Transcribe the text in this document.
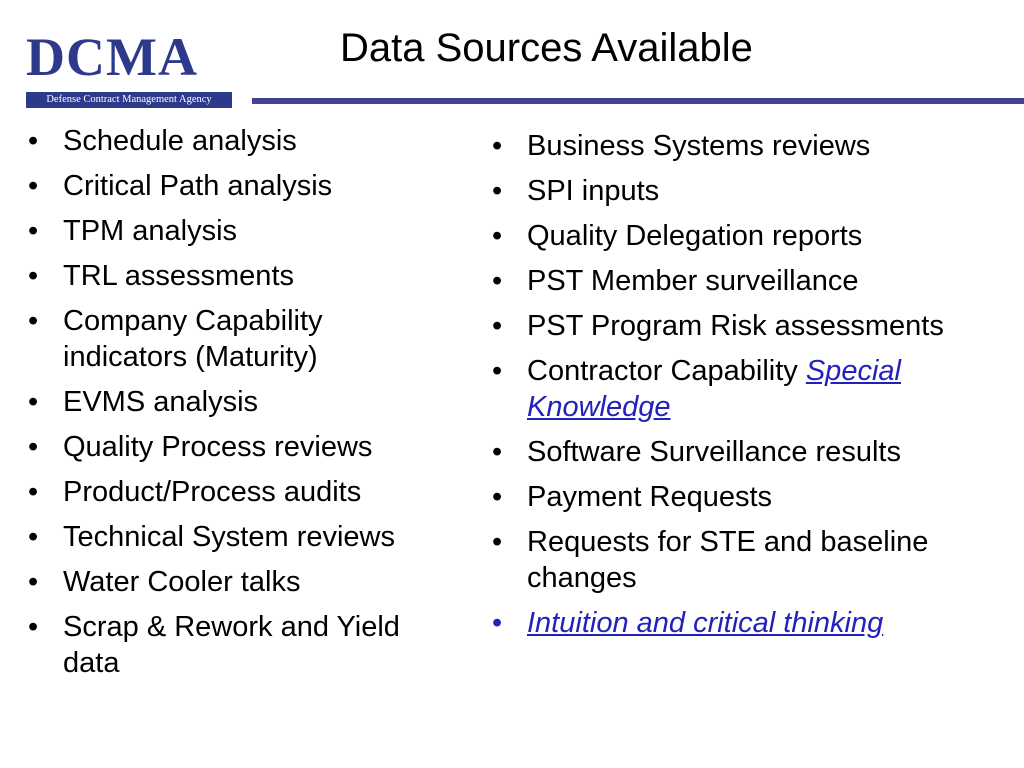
DCMA
Defense Contract Management Agency
Data Sources Available
• Schedule analysis
• Critical Path analysis
• TPM analysis
• TRL assessments
• Company Capability
indicators (Maturity)
• EVMS analysis
• Quality Process reviews
• Product/Process audits
• Technical System reviews
• Water Cooler talks
• Scrap & Rework and Yield
data
• Business Systems reviews
• SPI inputs
• Quality Delegation reports
• PST Member surveillance
• PST Program Risk assessments
• Contractor Capability Special
Knowledge
• Software Surveillance results
• Payment Requests
• Requests for STE and baseline
changes
• Intuition and critical thinking
